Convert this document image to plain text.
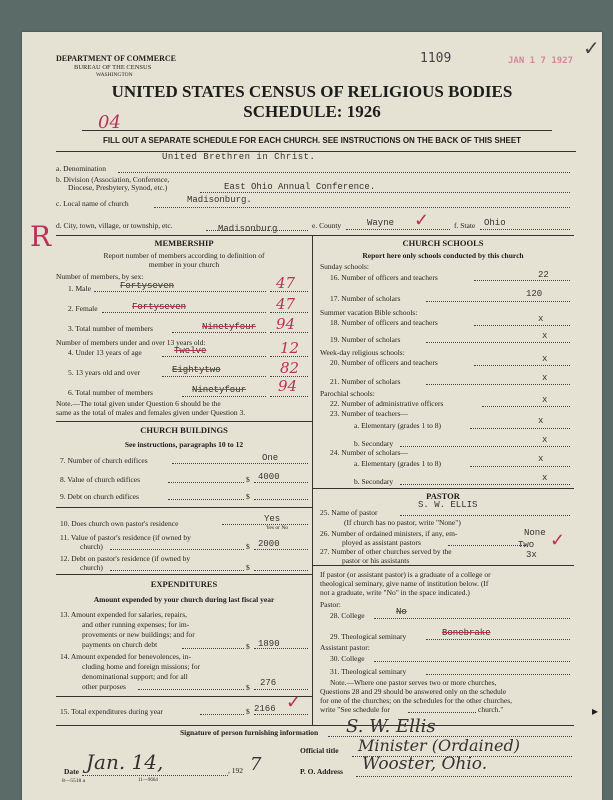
DEPARTMENT OF COMMERCE
BUREAU OF THE CENSUS
WASHINGTON
1109	JAN 1 7 1927
✓
UNITED STATES CENSUS OF RELIGIOUS BODIES
SCHEDULE: 1926
04
FILL OUT A SEPARATE SCHEDULE FOR EACH CHURCH. SEE INSTRUCTIONS ON THE BACK OF THIS SHEET
United Brethren in Christ.
a. Denomination
b. Division (Association, Conference,
Diocese, Presbytery, Synod, etc.)	East Ohio Annual Conference.
c. Local name of church	Madisonburg.
R d. City, town, village, or township, etc.	Madisonburg	e. County	Wayne ✓	f. State Ohio
MEMBERSHIP
Report number of members according to definition of
member in your church
Number of members, by sex:
1. Male	Fortyseven	47
2. Female	Fortyseven	47
3. Total number of members	Ninetyfour 94
Number of members under and over 13 years old:
4. Under 13 years of age	Twelve	12
5. 13 years old and over	Eightytwo	82
6. Total number of members	Ninetyfour 94
Note.—The total given under Question 6 should be the
same as the total of males and females given under Question 3.
CHURCH BUILDINGS
See instructions, paragraphs 10 to 12
7. Number of church edifices	One
8. Value of church edifices	$ 4000
9. Debt on church edifices	$
10. Does church own pastor's residence	Yes
Yes or No
11. Value of pastor's residence (if owned by
church)	$ 2000
12. Debt on pastor's residence (if owned by
church)	$
EXPENDITURES
Amount expended by your church during last fiscal year
13. Amount expended for salaries, repairs,
and other running expenses; for im-
provements or new buildings; and for
payments on church debt	$ 1890
14. Amount expended for benevolences, in-
cluding home and foreign missions; for
denominational support; and for all
other purposes	$ 276
15. Total expenditures during year	$ 2166 ✓
CHURCH SCHOOLS
Report here only schools conducted by this church
Sunday schools:
16. Number of officers and teachers	22
17. Number of scholars	120
Summer vacation Bible schools:
18. Number of officers and teachers	x
19. Number of scholars	x
Week-day religious schools:
20. Number of officers and teachers	x
21. Number of scholars	x
Parochial schools:
22. Number of administrative officers	x
23. Number of teachers—
a. Elementary (grades 1 to 8)	x
b. Secondary	x
24. Number of scholars—
a. Elementary (grades 1 to 8)	x
b. Secondary	x
PASTOR
25. Name of pastor
S. W. ELLIS
(If church has no pastor, write "None")
26. Number of ordained ministers, if any, em-
ployed as assistant pastors
None
27. Number of other churches served by the
pastor or his assistants
Two
3x
✓
If pastor (or assistant pastor) is a graduate of a college or
theological seminary, give name of institution below. (If
not a graduate, write "No" in the space indicated.)
Pastor:
28. College	No
29. Theological seminary	Bonebrake
Assistant pastor:
30. College
31. Theological seminary
Note.—Where one pastor serves two or more churches,
Questions 28 and 29 should be answered only on the schedule
for one of the churches; on the schedules for the other churches,
write "See schedule for	church."	▸
Signature of person furnishing information S. W. Ellis
Official title Minister (Ordained)
Date Jan. 14,	, 192 7	P. O. Address Wooster, Ohio.
8—5518 a	11—9664
